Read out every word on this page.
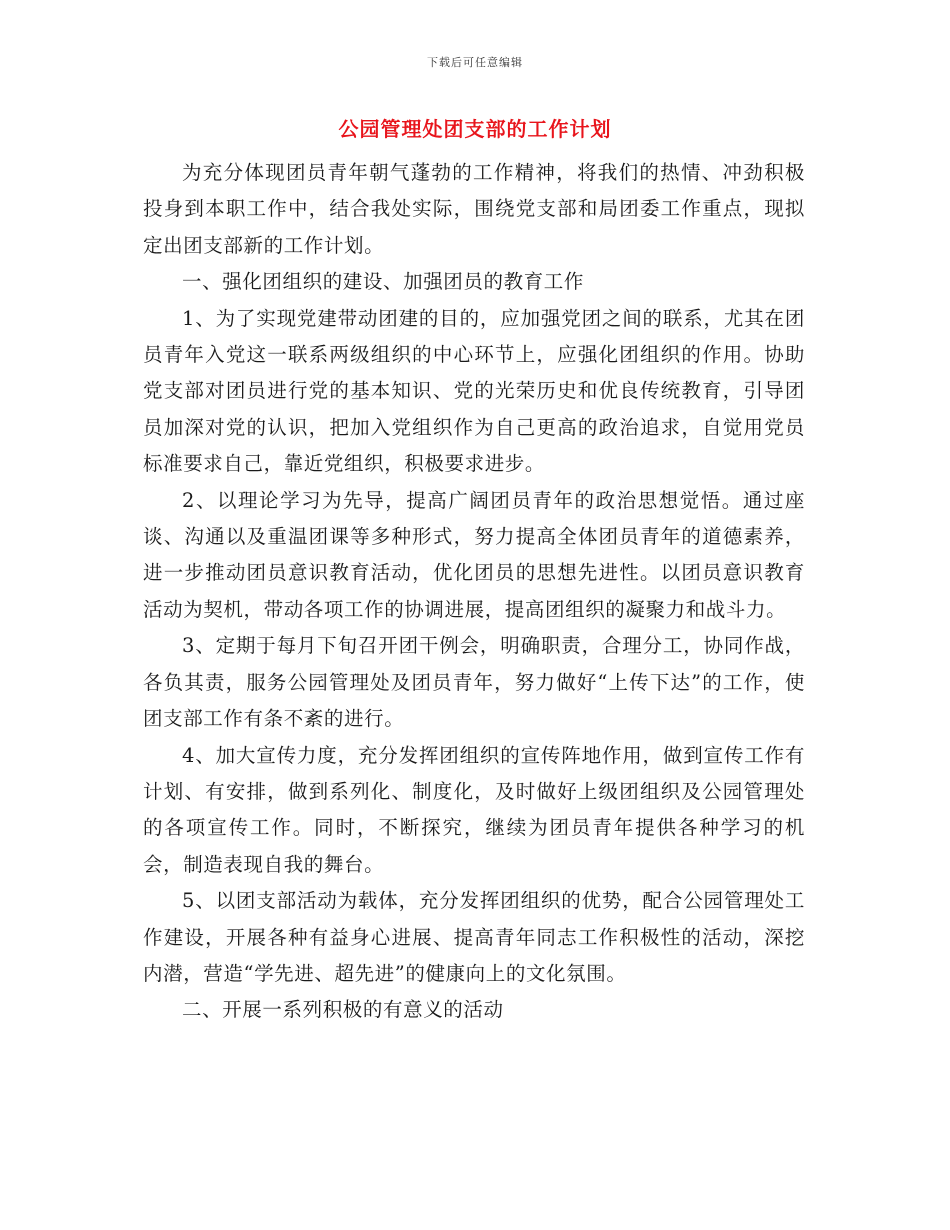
下载后可任意编辑
公园管理处团支部的工作计划

为充分体现团员青年朝气蓬勃的工作精神，将我们的热情、冲劲积极投身到本职工作中，结合我处实际，围绕党支部和局团委工作重点，现拟定出团支部新的工作计划。

一、强化团组织的建设、加强团员的教育工作

1、为了实现党建带动团建的目的，应加强党团之间的联系，尤其在团员青年入党这一联系两级组织的中心环节上，应强化团组织的作用。协助党支部对团员进行党的基本知识、党的光荣历史和优良传统教育，引导团员加深对党的认识，把加入党组织作为自己更高的政治追求，自觉用党员标准要求自己，靠近党组织，积极要求进步。

2、以理论学习为先导，提高广阔团员青年的政治思想觉悟。通过座谈、沟通以及重温团课等多种形式，努力提高全体团员青年的道德素养，进一步推动团员意识教育活动，优化团员的思想先进性。以团员意识教育活动为契机，带动各项工作的协调进展，提高团组织的凝聚力和战斗力。

3、定期于每月下旬召开团干例会，明确职责，合理分工，协同作战，各负其责，服务公园管理处及团员青年，努力做好“上传下达”的工作，使团支部工作有条不紊的进行。

4、加大宣传力度，充分发挥团组织的宣传阵地作用，做到宣传工作有计划、有安排，做到系列化、制度化，及时做好上级团组织及公园管理处的各项宣传工作。同时，不断探究，继续为团员青年提供各种学习的机会，制造表现自我的舞台。

5、以团支部活动为载体，充分发挥团组织的优势，配合公园管理处工作建设，开展各种有益身心进展、提高青年同志工作积极性的活动，深挖内潜，营造“学先进、超先进”的健康向上的文化氛围。

二、开展一系列积极的有意义的活动
